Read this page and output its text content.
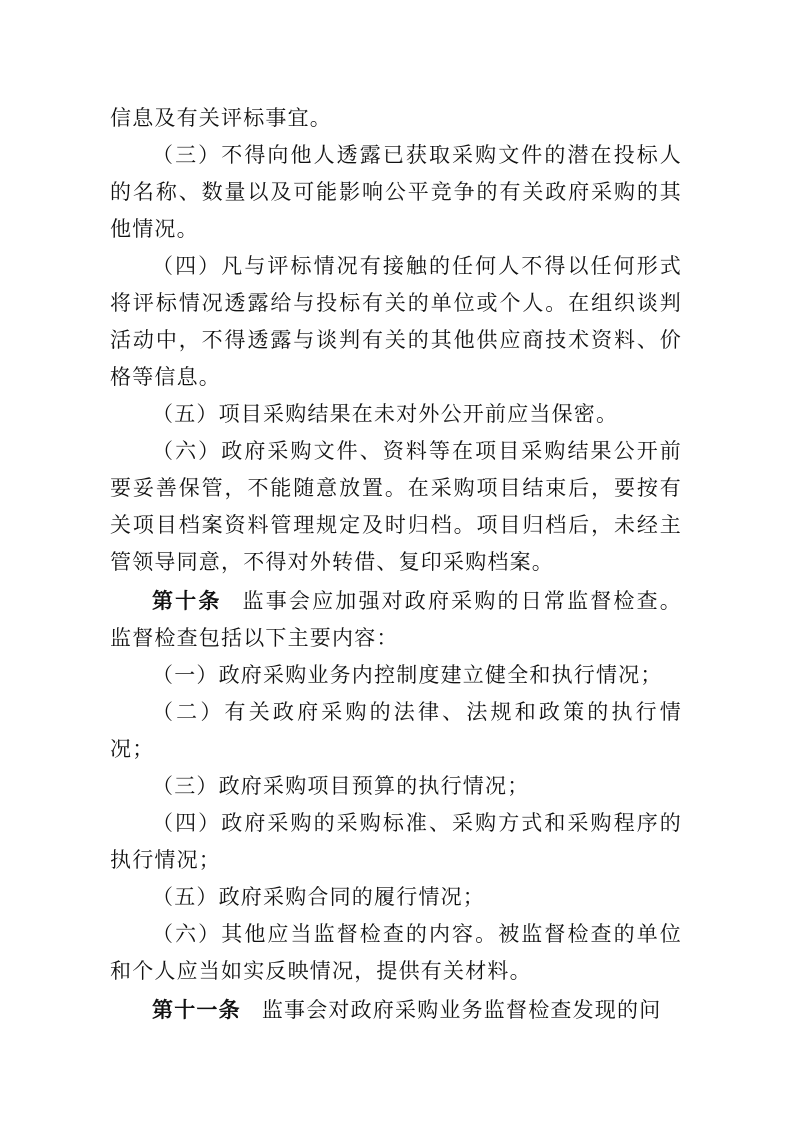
信息及有关评标事宜。

（三）不得向他人透露已获取采购文件的潜在投标人的名称、数量以及可能影响公平竞争的有关政府采购的其他情况。

（四）凡与评标情况有接触的任何人不得以任何形式将评标情况透露给与投标有关的单位或个人。在组织谈判活动中，不得透露与谈判有关的其他供应商技术资料、价格等信息。

（五）项目采购结果在未对外公开前应当保密。

（六）政府采购文件、资料等在项目采购结果公开前要妥善保管，不能随意放置。在采购项目结束后，要按有关项目档案资料管理规定及时归档。项目归档后，未经主管领导同意，不得对外转借、复印采购档案。

第十条 监事会应加强对政府采购的日常监督检查。监督检查包括以下主要内容：

（一）政府采购业务内控制度建立健全和执行情况；

（二）有关政府采购的法律、法规和政策的执行情况；

（三）政府采购项目预算的执行情况；

（四）政府采购的采购标准、采购方式和采购程序的执行情况；

（五）政府采购合同的履行情况；

（六）其他应当监督检查的内容。被监督检查的单位和个人应当如实反映情况，提供有关材料。

第十一条 监事会对政府采购业务监督检查发现的问
